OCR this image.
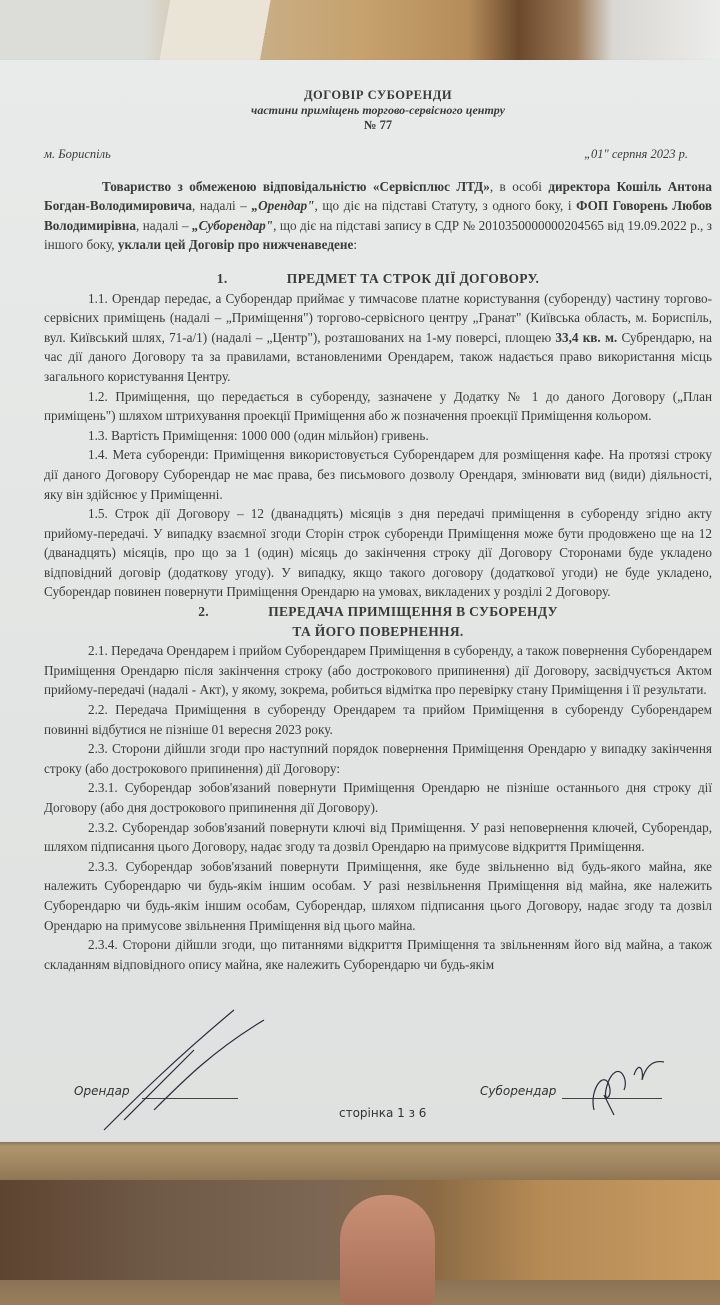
ДОГОВІР СУБОРЕНДИ
частини приміщень торгово-сервісного центру
№ 77
м. Бориспіль	„01" серпня 2023 р.

Товариство з обмеженою відповідальністю «Сервіcплюс ЛТД», в особі директора Кошіль Антона Богдан-Володимировича, надалі – „Орендар", що діє на підставі Статуту, з одного боку, і ФОП Говорень Любов Володимирівна, надалі – „Суборендар", що діє на підставі запису в СДР № 2010350000000204565 від 19.09.2022 р., з іншого боку, уклали цей Договір про нижченаведене:

1.	ПРЕДМЕТ ТА СТРОК ДІЇ ДОГОВОРУ.

1.1. Орендар передає, а Суборендар приймає у тимчасове платне користування (суборенду) частину торгово-сервісних приміщень (надалі – „Приміщення") торгово-сервісного центру „Гранат" (Київська область, м. Бориспіль, вул. Київський шлях, 71-а/1) (надалі – „Центр"), розташованих на 1-му поверсі, площею 33,4 кв. м. Субрендарю, на час дії даного Договору та за правилами, встановленими Орендарем, також надається право використання місць загального користування Центру.

1.2. Приміщення, що передається в суборенду, зазначене у Додатку № 1 до даного Договору („План приміщень") шляхом штрихування проекції Приміщення або ж позначення проекції Приміщення кольором.

1.3. Вартість Приміщення: 1000 000 (один мільйон) гривень.

1.4. Мета суборенди: Приміщення використовується Суборендарем для розміщення кафе. На протязі строку дії даного Договору Суборендар не має права, без письмового дозволу Орендаря, змінювати вид (види) діяльності, яку він здійснює у Приміщенні.

1.5. Строк дії Договору – 12 (дванадцять) місяців з дня передачі приміщення в суборенду згідно акту прийому-передачі. У випадку взаємної згоди Сторін строк суборенди Приміщення може бути продовжено ще на 12 (дванадцять) місяців, про що за 1 (один) місяць до закінчення строку дії Договору Сторонами буде укладено відповідний договір (додаткову угоду). У випадку, якщо такого договору (додаткової угоди) не буде укладено, Суборендар повинен повернути Приміщення Орендарю на умовах, викладених у розділі 2 Договору.

2.	ПЕРЕДАЧА ПРИМІЩЕННЯ В СУБОРЕНДУ
ТА ЙОГО ПОВЕРНЕННЯ.

2.1. Передача Орендарем і прийом Суборендарем Приміщення в суборенду, а також повернення Суборендарем Приміщення Орендарю після закінчення строку (або дострокового припинення) дії Договору, засвідчується Актом прийому-передачі (надалі - Акт), у якому, зокрема, робиться відмітка про перевірку стану Приміщення і її результати.

2.2. Передача Приміщення в суборенду Орендарем та прийом Приміщення в суборенду Суборендарем повинні відбутися не пізніше 01 вересня 2023 року.

2.3. Сторони дійшли згоди про наступний порядок повернення Приміщення Орендарю у випадку закінчення строку (або дострокового припинення) дії Договору:

2.3.1. Суборендар зобов'язаний повернути Приміщення Орендарю не пізніше останнього дня строку дії Договору (або дня дострокового припинення дії Договору).

2.3.2. Суборендар зобов'язаний повернути ключі від Приміщення. У разі неповернення ключей, Суборендар, шляхом підписання цього Договору, надає згоду та дозвіл Орендарю на примусове відкриття Приміщення.

2.3.3. Суборендар зобов'язаний повернути Приміщення, яке буде звільненно від будь-якого майна, яке належить Суборендарю чи будь-якім іншим особам. У разі незвільнення Приміщення від майна, яке належить Суборендарю чи будь-якім іншим особам, Суборендар, шляхом підписання цього Договору, надає згоду та дозвіл Орендарю на примусове звільнення Приміщення від цього майна.

2.3.4. Сторони дійшли згоди, що питаннями відкриття Приміщення та звільненням його від майна, а також складанням відповідного опису майна, яке належить Суборендарю чи будь-якім

Орендар	Суборендар
сторінка 1 з 6
